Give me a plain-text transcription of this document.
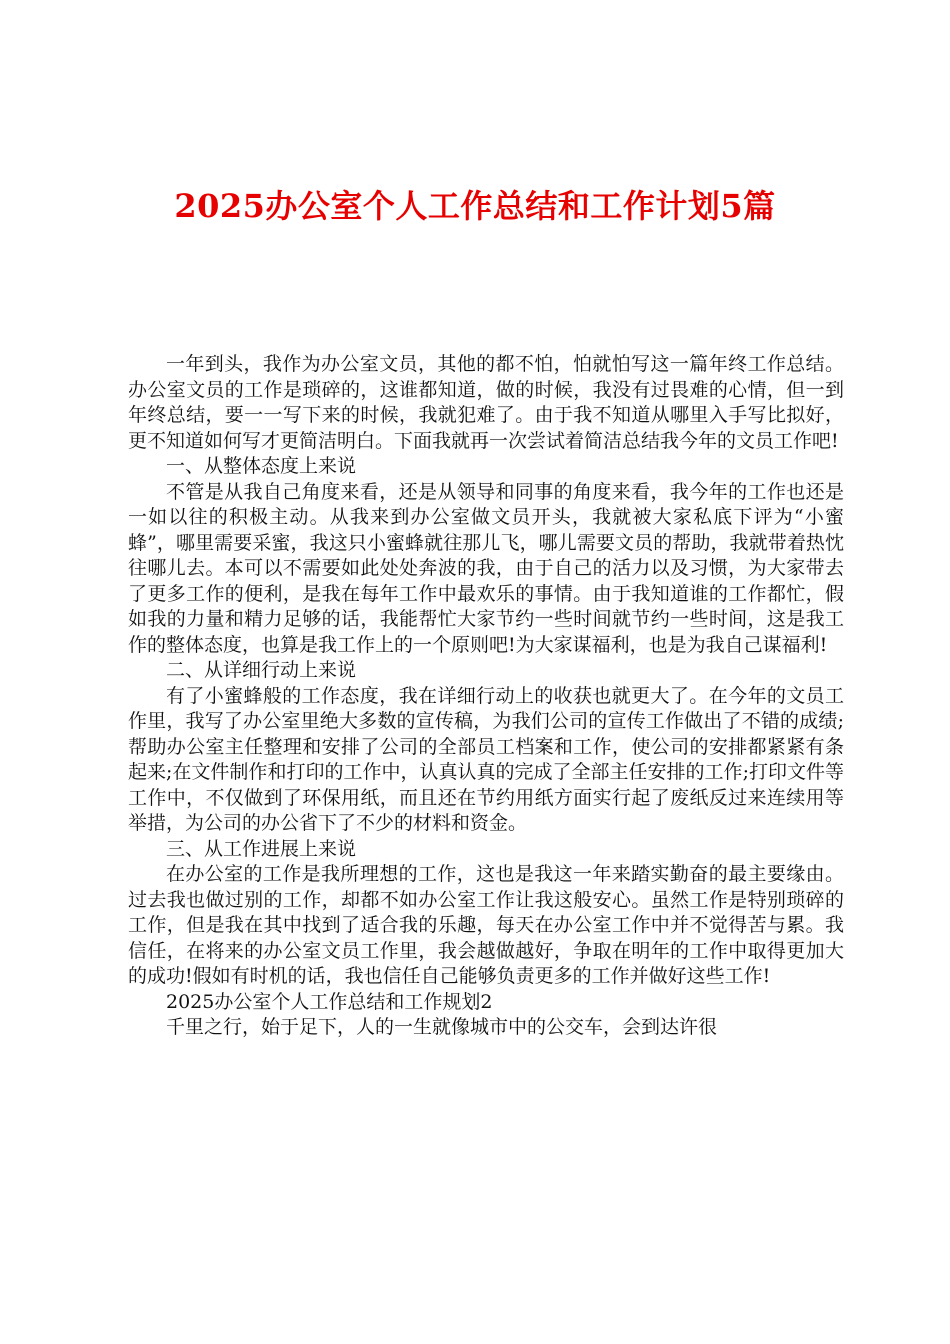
2025办公室个人工作总结和工作计划5篇

一年到头，我作为办公室文员，其他的都不怕，怕就怕写这一篇年终工作总结。办公室文员的工作是琐碎的，这谁都知道，做的时候，我没有过畏难的心情，但一到年终总结，要一一写下来的时候，我就犯难了。由于我不知道从哪里入手写比拟好，更不知道如何写才更简洁明白。下面我就再一次尝试着简洁总结我今年的文员工作吧!

一、从整体态度上来说

不管是从我自己角度来看，还是从领导和同事的角度来看，我今年的工作也还是一如以往的积极主动。从我来到办公室做文员开头，我就被大家私底下评为“小蜜蜂”，哪里需要采蜜，我这只小蜜蜂就往那儿飞，哪儿需要文员的帮助，我就带着热忱往哪儿去。本可以不需要如此处处奔波的我，由于自己的活力以及习惯，为大家带去了更多工作的便利，是我在每年工作中最欢乐的事情。由于我知道谁的工作都忙，假如我的力量和精力足够的话，我能帮忙大家节约一些时间就节约一些时间，这是我工作的整体态度，也算是我工作上的一个原则吧!为大家谋福利，也是为我自己谋福利!

二、从详细行动上来说

有了小蜜蜂般的工作态度，我在详细行动上的收获也就更大了。在今年的文员工作里，我写了办公室里绝大多数的宣传稿，为我们公司的宣传工作做出了不错的成绩;帮助办公室主任整理和安排了公司的全部员工档案和工作，使公司的安排都紧紧有条起来;在文件制作和打印的工作中，认真认真的完成了全部主任安排的工作;打印文件等工作中，不仅做到了环保用纸，而且还在节约用纸方面实行起了废纸反过来连续用等举措，为公司的办公省下了不少的材料和资金。

三、从工作进展上来说

在办公室的工作是我所理想的工作，这也是我这一年来踏实勤奋的最主要缘由。过去我也做过别的工作，却都不如办公室工作让我这般安心。虽然工作是特别琐碎的工作，但是我在其中找到了适合我的乐趣，每天在办公室工作中并不觉得苦与累。我信任，在将来的办公室文员工作里，我会越做越好，争取在明年的工作中取得更加大的成功!假如有时机的话，我也信任自己能够负责更多的工作并做好这些工作!

2025办公室个人工作总结和工作规划2

千里之行，始于足下，人的一生就像城市中的公交车，会到达许很
